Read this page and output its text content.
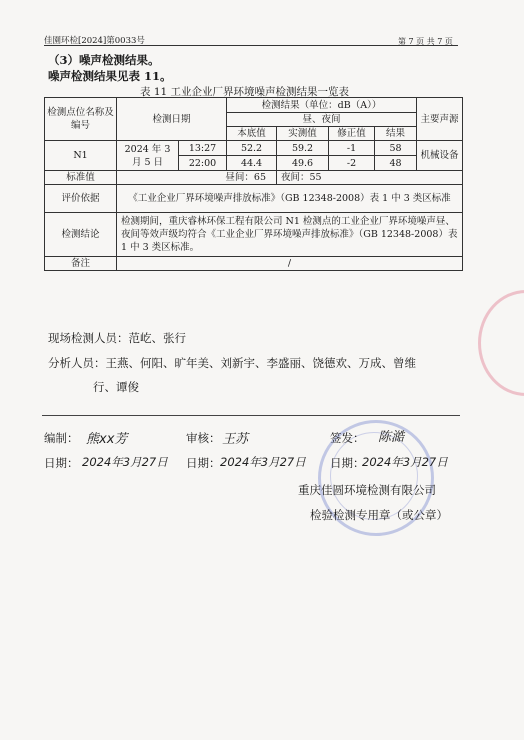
佳園环检[2024]第0033号	第 7 页 共 7 页
（3）噪声检测结果。
噪声检测结果见表 11。
表 11 工业企业厂界环境噪声检测结果一览表
检测点位名称及编号	检测日期		检测结果（单位：dB（A））				主要声源
			昼、夜间				
			本底值	实测值	修正值	结果	
N1	2024 年 3 月 5 日	13:27	52.2	59.2	-1	58	机械设备
		22:00	44.4	49.6	-2	48	
标准值	昼间：65			夜间：55			
评价依据	《工业企业厂界环境噪声排放标准》（GB 12348-2008）表 1 中 3 类区标准						
检测结论	检测期间，重庆睿林环保工程有限公司 N1 检测点的工业企业厂界环境噪声昼、夜间等效声级均符合《工业企业厂界环境噪声排放标准》（GB 12348-2008）表 1 中 3 类区标准。						
备注	/						
现场检测人员：范屹、张行
分析人员：王燕、何阳、旷年美、刘新宇、李盛丽、饶德欢、万成、曾维
行、谭俊
编制： 熊xx芳	审核： 王苏	签发： 陈澔
日期： 2024年3月27日 日期： 2024年3月27日 日期：
2024年3月27日
重庆佳圆环境检测有限公司
检验检测专用章（或公章）
